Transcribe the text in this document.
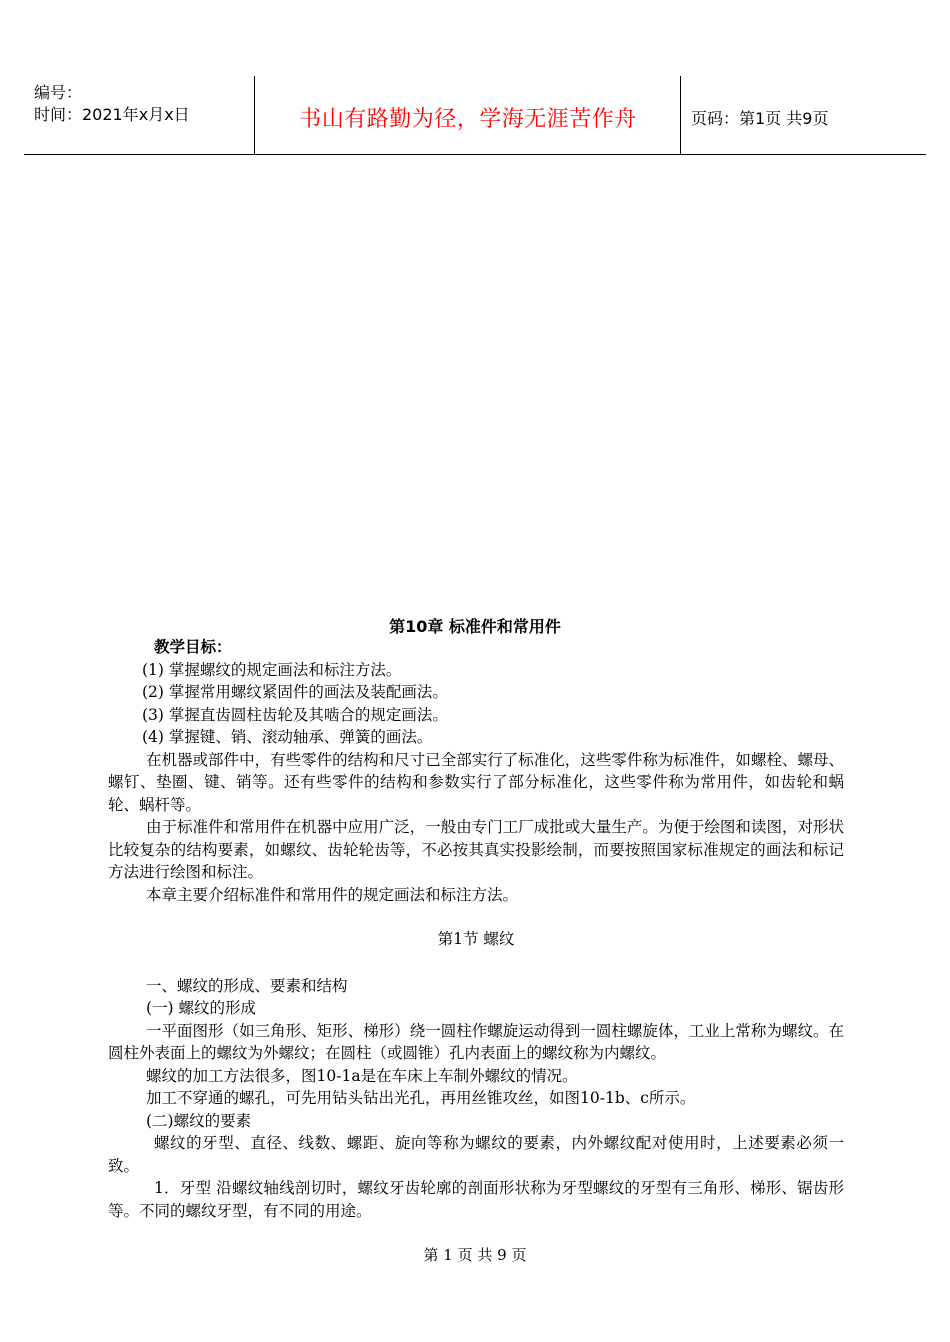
编号：
时间：2021年x月x日	书山有路勤为径，学海无涯苦作舟	页码：第1页 共9页
第10章 标准件和常用件

教学目标：

(1) 掌握螺纹的规定画法和标注方法。

(2) 掌握常用螺纹紧固件的画法及装配画法。

(3) 掌握直齿圆柱齿轮及其啮合的规定画法。

(4) 掌握键、销、滚动轴承、弹簧的画法。

在机器或部件中，有些零件的结构和尺寸已全部实行了标准化，这些零件称为标准件，如螺栓、螺母、螺钉、垫圈、键、销等。还有些零件的结构和参数实行了部分标准化，这些零件称为常用件，如齿轮和蜗轮、蜗杆等。

由于标准件和常用件在机器中应用广泛，一般由专门工厂成批或大量生产。为便于绘图和读图，对形状比较复杂的结构要素，如螺纹、齿轮轮齿等，不必按其真实投影绘制，而要按照国家标准规定的画法和标记方法进行绘图和标注。

本章主要介绍标准件和常用件的规定画法和标注方法。

第1节 螺纹

一、螺纹的形成、要素和结构

(一) 螺纹的形成

一平面图形（如三角形、矩形、梯形）绕一圆柱作螺旋运动得到一圆柱螺旋体，工业上常称为螺纹。在圆柱外表面上的螺纹为外螺纹；在圆柱（或圆锥）孔内表面上的螺纹称为内螺纹。

螺纹的加工方法很多，图10-1a是在车床上车制外螺纹的情况。

加工不穿通的螺孔，可先用钻头钻出光孔，再用丝锥攻丝，如图10-1b、c所示。

(二)螺纹的要素

螺纹的牙型、直径、线数、螺距、旋向等称为螺纹的要素，内外螺纹配对使用时，上述要素必须一致。

1．牙型 沿螺纹轴线剖切时，螺纹牙齿轮廓的剖面形状称为牙型螺纹的牙型有三角形、梯形、锯齿形等。不同的螺纹牙型，有不同的用途。

第 1 页 共 9 页
